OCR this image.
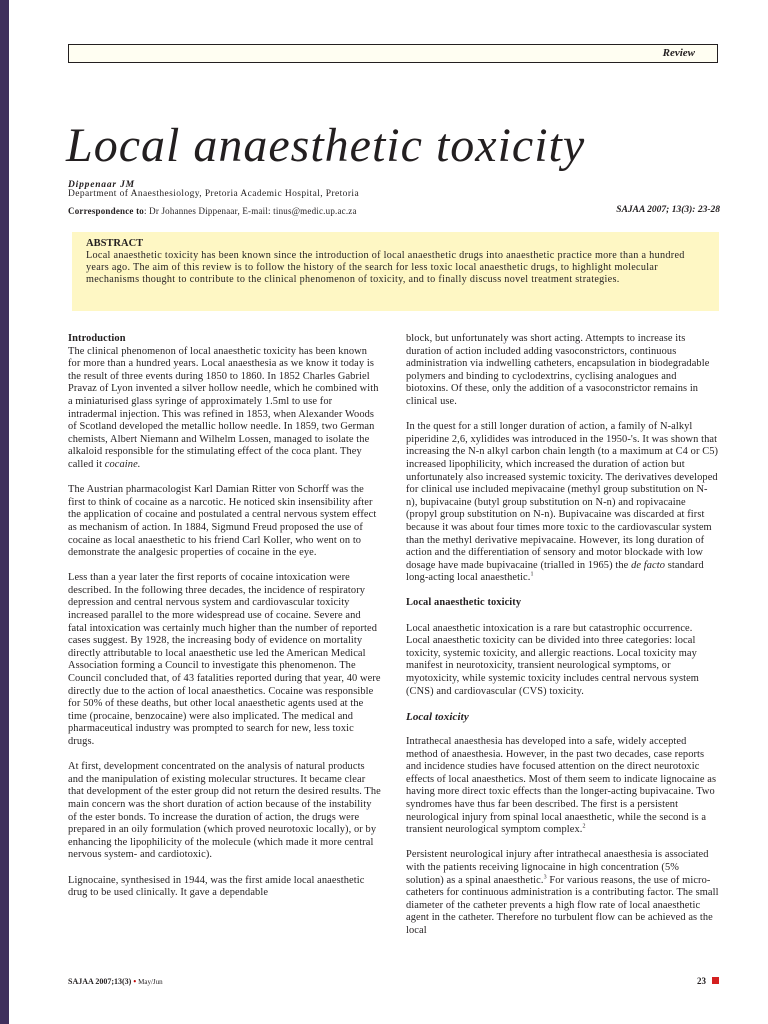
Review
Local anaesthetic toxicity
Dippenaar JM
Department of Anaesthesiology, Pretoria Academic Hospital, Pretoria
Correspondence to: Dr Johannes Dippenaar, E-mail: tinus@medic.up.ac.za	SAJAA 2007; 13(3): 23-28

ABSTRACT

Local anaesthetic toxicity has been known since the introduction of local anaesthetic drugs into anaesthetic practice more than a hundred years ago. The aim of this review is to follow the history of the search for less toxic local anaesthetic drugs, to highlight molecular mechanisms thought to contribute to the clinical phenomenon of toxicity, and to finally discuss novel treatment strategies.

Introduction

The clinical phenomenon of local anaesthetic toxicity has been known for more than a hundred years. Local anaesthesia as we know it today is the result of three events during 1850 to 1860. In 1852 Charles Gabriel Pravaz of Lyon invented a silver hollow needle, which he combined with a miniaturised glass syringe of approximately 1.5ml to use for intradermal injection. This was refined in 1853, when Alexander Woods of Scotland developed the metallic hollow needle. In 1859, two German chemists, Albert Niemann and Wilhelm Lossen, managed to isolate the alkaloid responsible for the stimulating effect of the coca plant. They called it cocaine.

The Austrian pharmacologist Karl Damian Ritter von Schorff was the first to think of cocaine as a narcotic. He noticed skin insensibility after the application of cocaine and postulated a central nervous system effect as mechanism of action. In 1884, Sigmund Freud proposed the use of cocaine as local anaesthetic to his friend Carl Koller, who went on to demonstrate the analgesic properties of cocaine in the eye.

Less than a year later the first reports of cocaine intoxication were described. In the following three decades, the incidence of respiratory depression and central nervous system and cardiovascular toxicity increased parallel to the more widespread use of cocaine. Severe and fatal intoxication was certainly much higher than the number of reported cases suggest. By 1928, the increasing body of evidence on mortality directly attributable to local anaesthetic use led the American Medical Association forming a Council to investigate this phenomenon. The Council concluded that, of 43 fatalities reported during that year, 40 were directly due to the action of local anaesthetics. Cocaine was responsible for 50% of these deaths, but other local anaesthetic agents used at the time (procaine, benzocaine) were also implicated. The medical and pharmaceutical industry was prompted to search for new, less toxic drugs.

At first, development concentrated on the analysis of natural products and the manipulation of existing molecular structures. It became clear that development of the ester group did not return the desired results. The main concern was the short duration of action because of the instability of the ester bonds. To increase the duration of action, the drugs were prepared in an oily formulation (which proved neurotoxic locally), or by enhancing the lipophilicity of the molecule (which made it more central nervous system- and cardiotoxic).

Lignocaine, synthesised in 1944, was the first amide local anaesthetic drug to be used clinically. It gave a dependable

block, but unfortunately was short acting. Attempts to increase its duration of action included adding vasoconstrictors, continuous administration via indwelling catheters, encapsulation in biodegradable polymers and binding to cyclodextrins, cyclising analogues and biotoxins. Of these, only the addition of a vasoconstrictor remains in clinical use.

In the quest for a still longer duration of action, a family of N-alkyl piperidine 2,6, xylidides was introduced in the 1950-'s. It was shown that increasing the N-n alkyl carbon chain length (to a maximum at C4 or C5) increased lipophilicity, which increased the duration of action but unfortunately also increased systemic toxicity. The derivatives developed for clinical use included mepivacaine (methyl group substitution on N-n), bupivacaine (butyl group substitution on N-n) and ropivacaine (propyl group substitution on N-n). Bupivacaine was discarded at first because it was about four times more toxic to the cardiovascular system than the methyl derivative mepivacaine. However, its long duration of action and the differentiation of sensory and motor blockade with low dosage have made bupivacaine (trialled in 1965) the de facto standard long-acting local anaesthetic.$^1$

Local anaesthetic toxicity

Local anaesthetic intoxication is a rare but catastrophic occurrence. Local anaesthetic toxicity can be divided into three categories: local toxicity, systemic toxicity, and allergic reactions. Local toxicity may manifest in neurotoxicity, transient neurological symptoms, or myotoxicity, while systemic toxicity includes central nervous system (CNS) and cardiovascular (CVS) toxicity.

Local toxicity

Intrathecal anaesthesia has developed into a safe, widely accepted method of anaesthesia. However, in the past two decades, case reports and incidence studies have focused attention on the direct neurotoxic effects of local anaesthetics. Most of them seem to indicate lignocaine as having more direct toxic effects than the longer-acting bupivacaine. Two syndromes have thus far been described. The first is a persistent neurological injury from spinal local anaesthetic, while the second is a transient neurological symptom complex.$^2$

Persistent neurological injury after intrathecal anaesthesia is associated with the patients receiving lignocaine in high concentration (5% solution) as a spinal anaesthetic.$^3$ For various reasons, the use of micro-catheters for continuous administration is a contributing factor. The small diameter of the catheter prevents a high flow rate of local anaesthetic agent in the catheter. Therefore no turbulent flow can be achieved as the local

SAJAA 2007;13(3) • May/Jun	23
